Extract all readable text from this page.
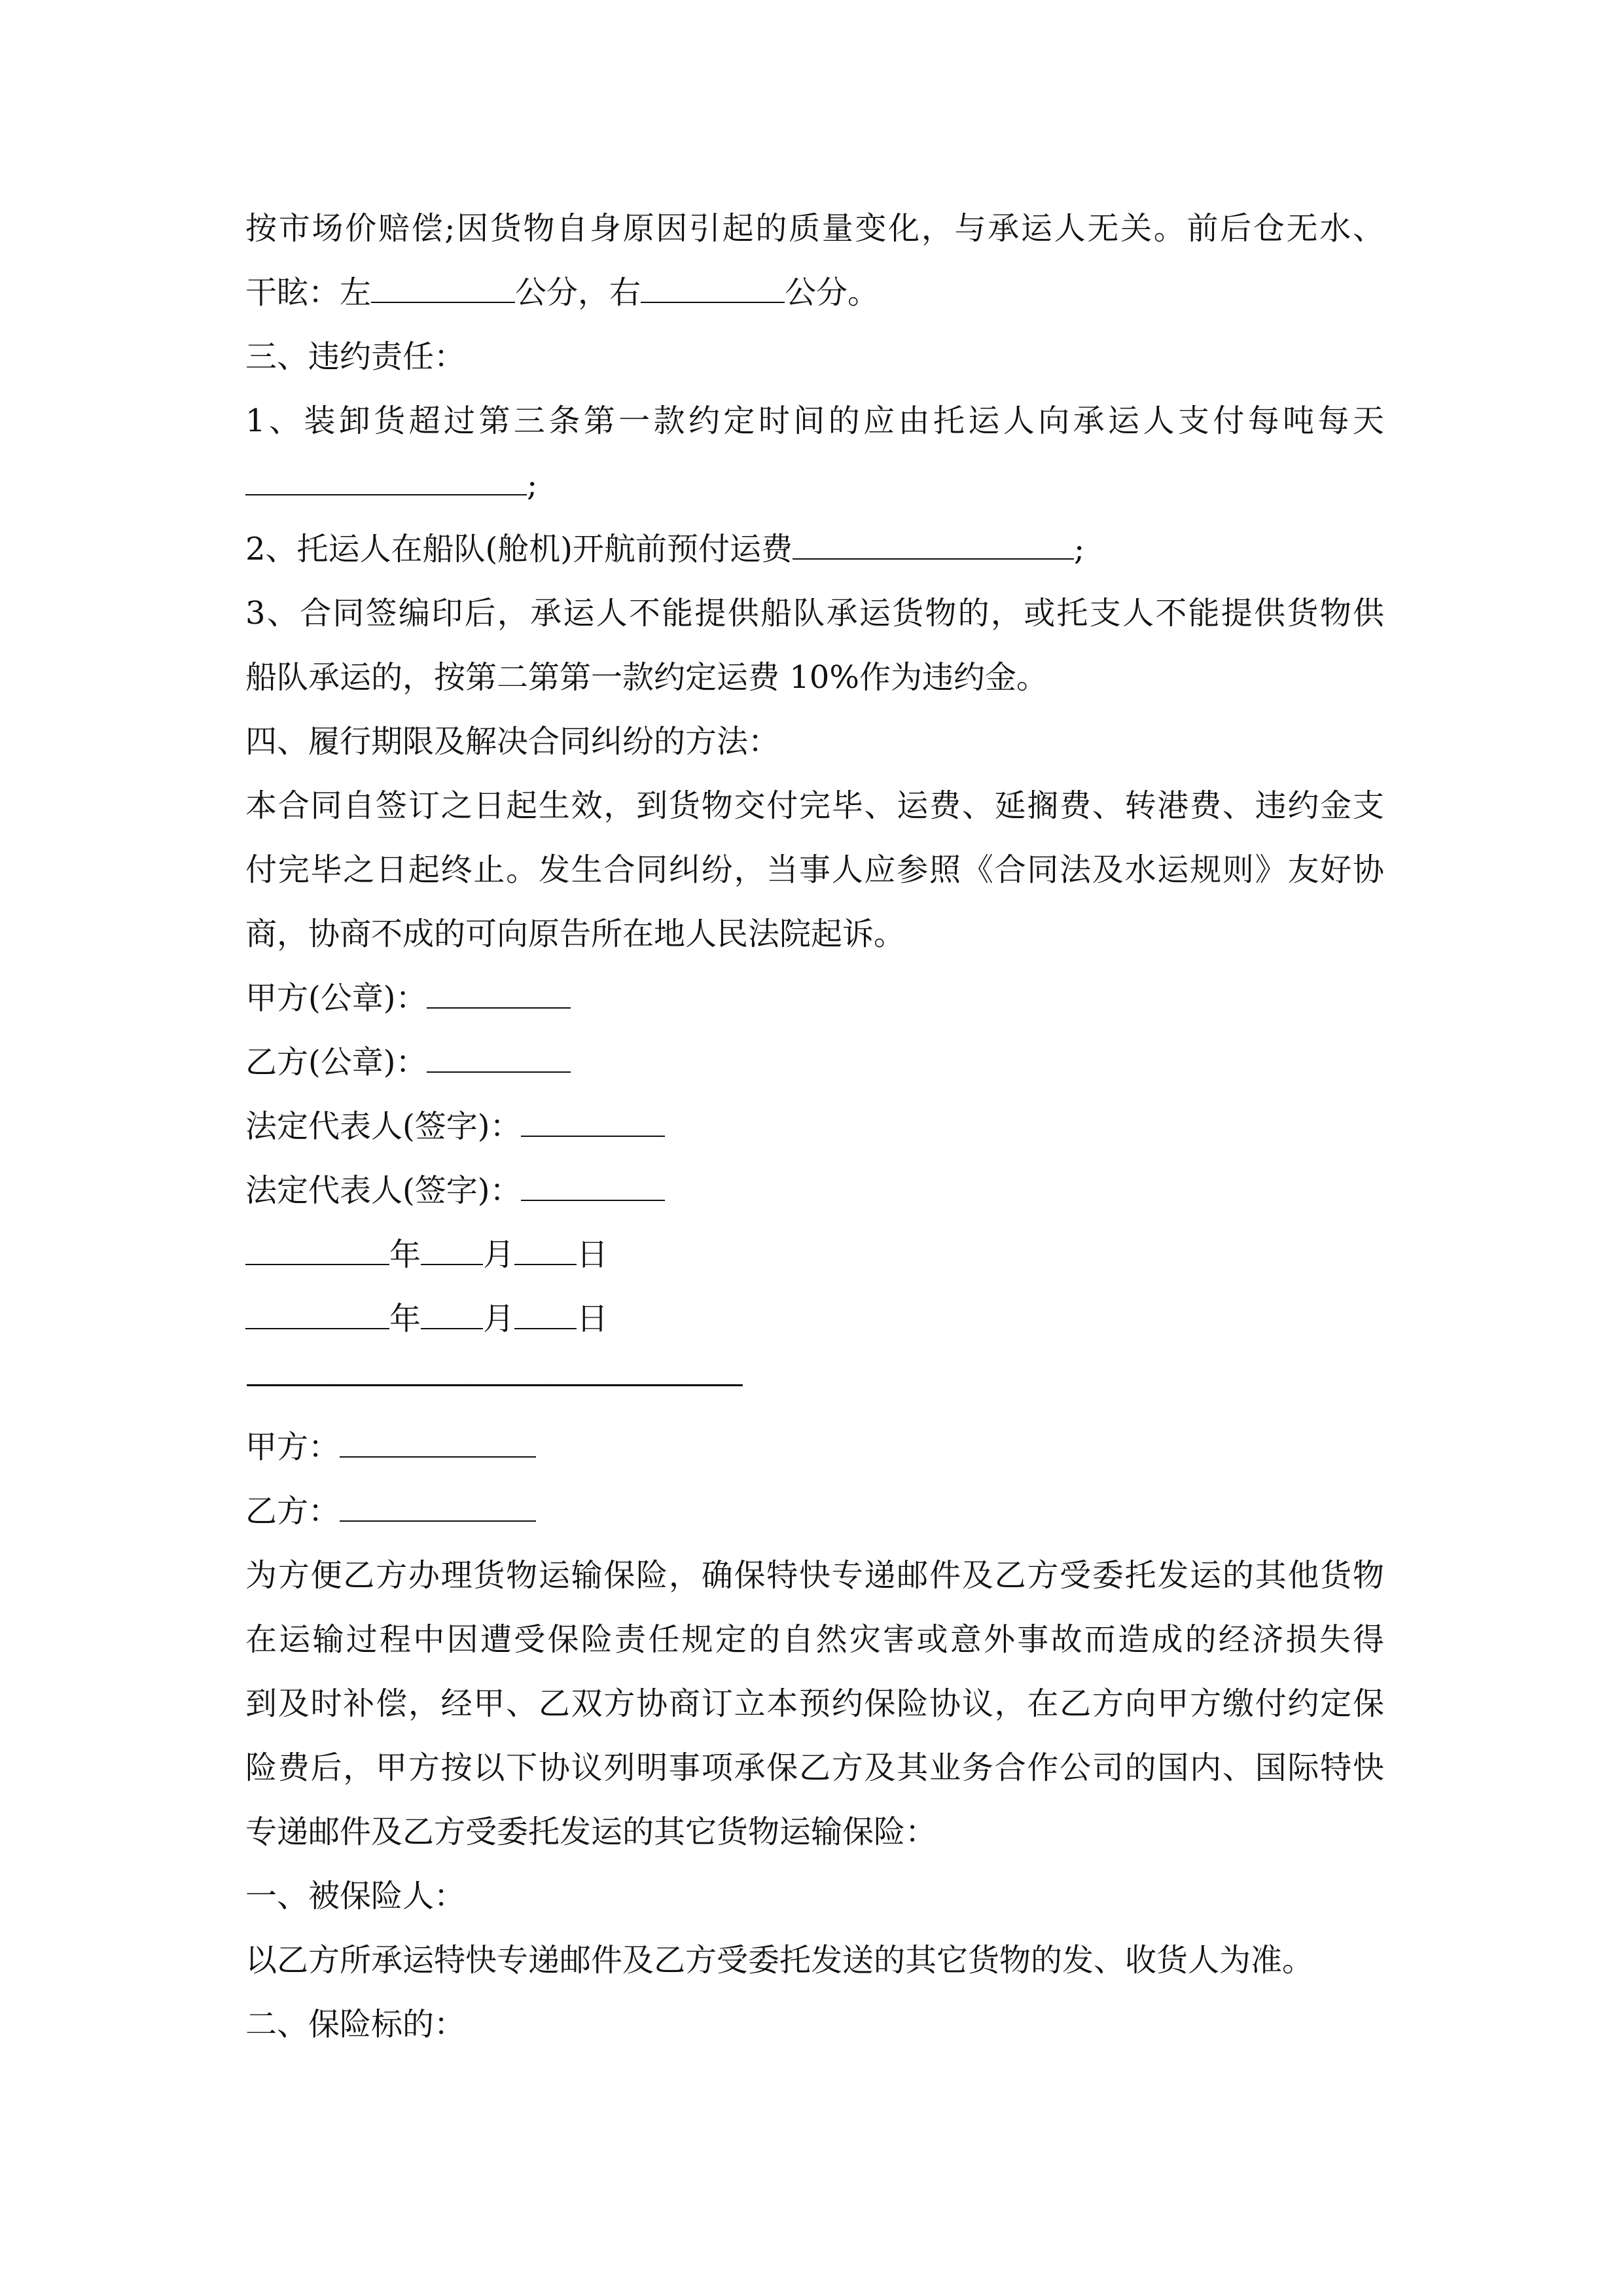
按市场价赔偿;因货物自身原因引起的质量变化，与承运人无关。前后仓无水、
干眩：左	公分，右	公分。
三、违约责任：
1、装卸货超过第三条第一款约定时间的应由托运人向承运人支付每吨每天
;
2、托运人在船队(舱机)开航前预付运费	;
3、合同签编印后，承运人不能提供船队承运货物的，或托支人不能提供货物供
船队承运的，按第二第第一款约定运费 10%作为违约金。
四、履行期限及解决合同纠纷的方法：
本合同自签订之日起生效，到货物交付完毕、运费、延搁费、转港费、违约金支
付完毕之日起终止。发生合同纠纷，当事人应参照《合同法及水运规则》友好协
商，协商不成的可向原告所在地人民法院起诉。
甲方(公章)：
乙方(公章)：
法定代表人(签字)：
法定代表人(签字)：
年 月 日
年 月 日
——————————————————
甲方：
乙方：
为方便乙方办理货物运输保险，确保特快专递邮件及乙方受委托发运的其他货物
在运输过程中因遭受保险责任规定的自然灾害或意外事故而造成的经济损失得
到及时补偿，经甲、乙双方协商订立本预约保险协议，在乙方向甲方缴付约定保
险费后，甲方按以下协议列明事项承保乙方及其业务合作公司的国内、国际特快
专递邮件及乙方受委托发运的其它货物运输保险：
一、被保险人：
以乙方所承运特快专递邮件及乙方受委托发送的其它货物的发、收货人为准。
二、保险标的：
